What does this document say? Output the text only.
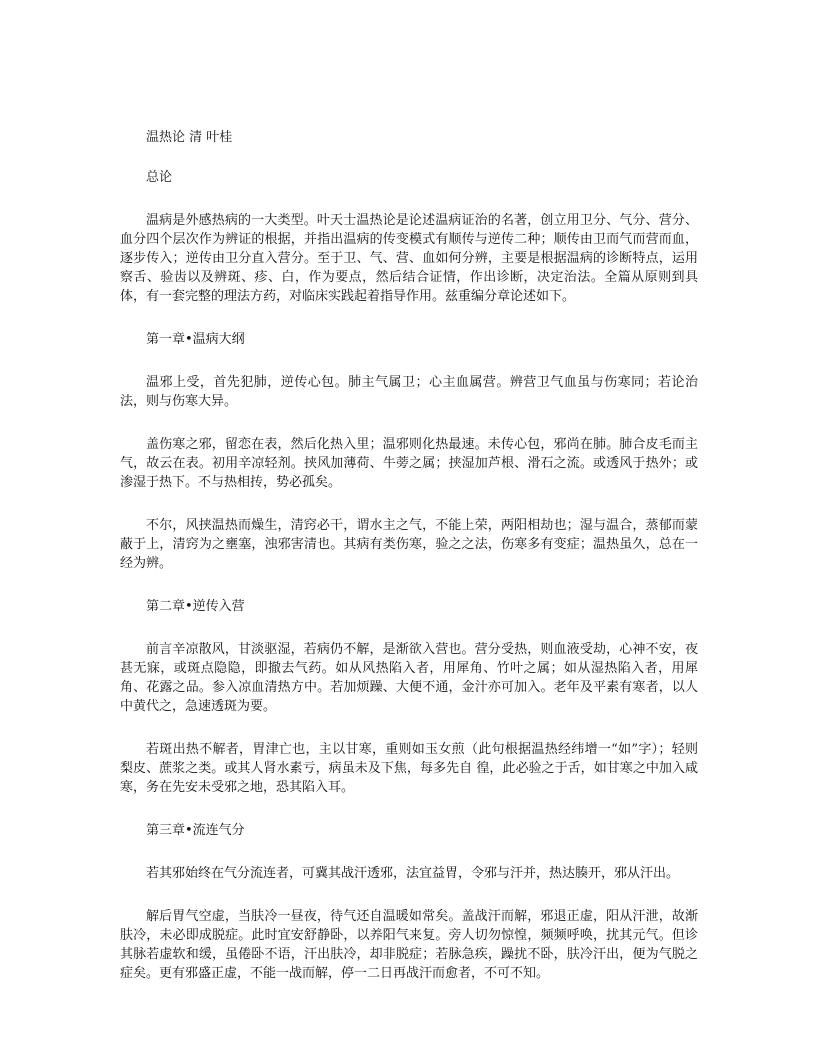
温热论 清 叶桂

总论

温病是外感热病的一大类型。叶天士温热论是论述温病证治的名著，创立用卫分、气分、营分、血分四个层次作为辨证的根据，并指出温病的传变模式有顺传与逆传二种；顺传由卫而气而营而血，逐步传入；逆传由卫分直入营分。至于卫、气、营、血如何分辨，主要是根据温病的诊断特点，运用察舌、验齿以及辨斑、疹、白，作为要点，然后结合证情，作出诊断，决定治法。全篇从原则到具体，有一套完整的理法方药，对临床实践起着指导作用。兹重编分章论述如下。

第一章•温病大纲

温邪上受，首先犯肺，逆传心包。肺主气属卫；心主血属营。辨营卫气血虽与伤寒同；若论治法，则与伤寒大异。

盖伤寒之邪，留恋在表，然后化热入里；温邪则化热最速。未传心包，邪尚在肺。肺合皮毛而主气，故云在表。初用辛凉轻剂。挟风加薄荷、牛蒡之属；挟湿加芦根、滑石之流。或透风于热外；或渗湿于热下。不与热相抟，势必孤矣。

不尔，风挟温热而燥生，清窍必干，谓水主之气，不能上荣，两阳相劫也；湿与温合，蒸郁而蒙蔽于上，清窍为之壅塞，浊邪害清也。其病有类伤寒，验之之法，伤寒多有变症；温热虽久，总在一经为辨。

第二章•逆传入营

前言辛凉散风，甘淡驱湿，若病仍不解，是渐欲入营也。营分受热，则血液受劫，心神不安，夜甚无寐，或斑点隐隐，即撤去气药。如从风热陷入者，用犀角、竹叶之属；如从湿热陷入者，用犀角、花露之品。参入凉血清热方中。若加烦躁、大便不通，金汁亦可加入。老年及平素有寒者，以人中黄代之，急速透斑为要。

若斑出热不解者，胃津亡也，主以甘寒，重则如玉女煎（此句根据温热经纬增一“如”字）；轻则梨皮、蔗浆之类。或其人肾水素亏，病虽未及下焦，每多先自 徨，此必验之于舌，如甘寒之中加入咸寒，务在先安未受邪之地，恐其陷入耳。

第三章•流连气分

若其邪始终在气分流连者，可冀其战汗透邪，法宜益胃，令邪与汗并，热达腠开，邪从汗出。

解后胃气空虚，当肤冷一昼夜，待气还自温暖如常矣。盖战汗而解，邪退正虚，阳从汗泄，故渐肤冷，未必即成脱症。此时宜安舒静卧，以养阳气来复。旁人切勿惊惶，频频呼唤，扰其元气。但诊其脉若虚软和缓，虽倦卧不语，汗出肤冷，却非脱症；若脉急疾，躁扰不卧，肤冷汗出，便为气脱之症矣。更有邪盛正虚，不能一战而解，停一二日再战汗而愈者，不可不知。
